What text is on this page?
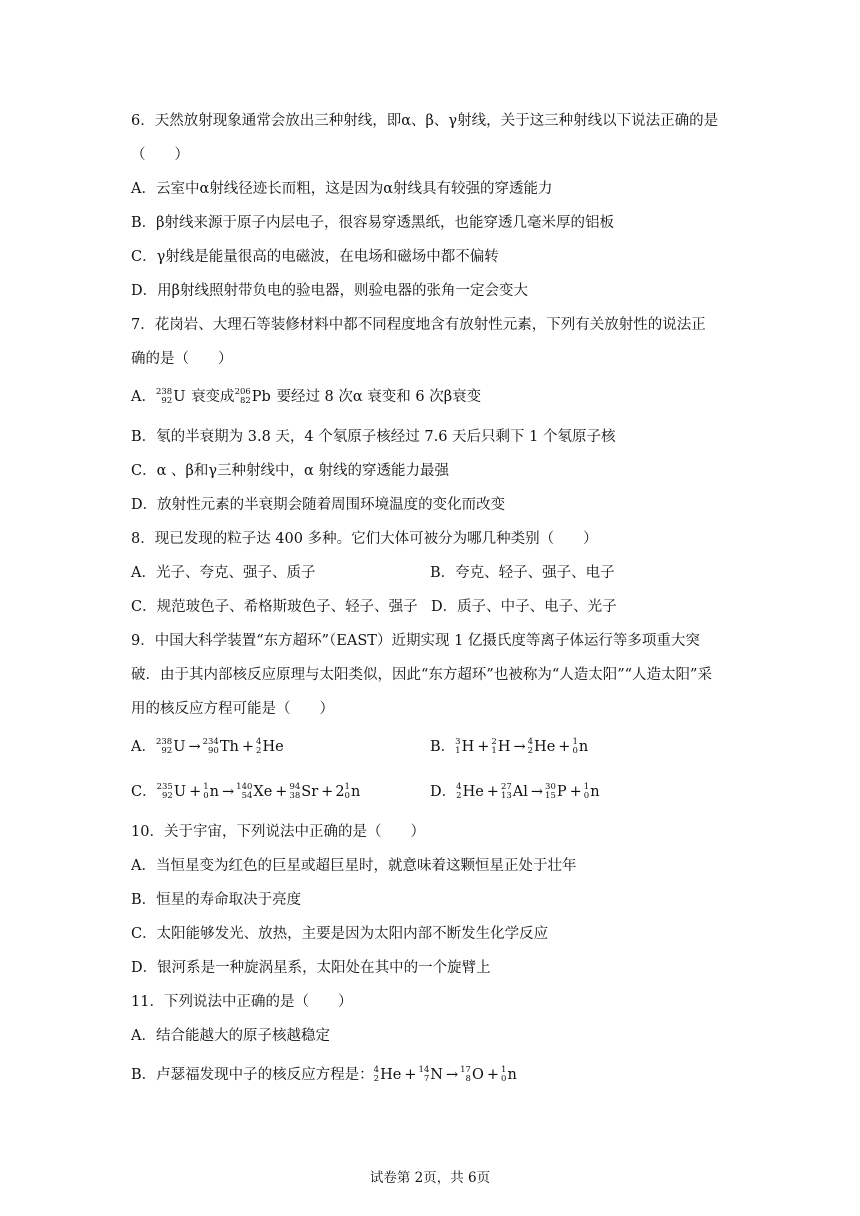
6．天然放射现象通常会放出三种射线，即α、β、γ射线，关于这三种射线以下说法正确的是
（　　）
A．云室中α射线径迹长而粗，这是因为α射线具有较强的穿透能力
B．β射线来源于原子内层电子，很容易穿透黑纸，也能穿透几毫米厚的铝板
C．γ射线是能量很高的电磁波，在电场和磁场中都不偏转
D．用β射线照射带负电的验电器，则验电器的张角一定会变大
7．花岗岩、大理石等装修材料中都不同程度地含有放射性元素，下列有关放射性的说法正
确的是（　　）
A． 238
92 U 衰变成 206
82 Pb 要经过 8 次α 衰变和 6 次β衰变
B．氡的半衰期为 3.8 天，4 个氡原子核经过 7.6 天后只剩下 1 个氡原子核
C．α 、β和γ三种射线中，α 射线的穿透能力最强
D．放射性元素的半衰期会随着周围环境温度的变化而改变
8．现已发现的粒子达 400 多种。它们大体可被分为哪几种类别（　　）
A．光子、夸克、强子、质子	B．夸克、轻子、强子、电子
C．规范玻色子、希格斯玻色子、轻子、强子 D．质子、中子、电子、光子
9．中国大科学装置“东方超环”（EAST）近期实现 1 亿摄氏度等离子体运行等多项重大突
破．由于其内部核反应原理与太阳类似，因此“东方超环”也被称为“人造太阳”“人造太阳”采
用的核反应方程可能是（　　）
A． 238
92 U → 234
90 Th + 4
2 He	B． 3
1 H + 2
1 H → 4
2 He + 1
0 n
C． 235
92 U + 1
0 n → 140
54 Xe + 94
38 Sr + 2 1
0 n	D． 4
2 He + 27
13 Al → 30
15 P + 1
0 n
10．关于宇宙，下列说法中正确的是（　　）
A．当恒星变为红色的巨星或超巨星时，就意味着这颗恒星正处于壮年
B．恒星的寿命取决于亮度
C．太阳能够发光、放热，主要是因为太阳内部不断发生化学反应
D．银河系是一种旋涡星系，太阳处在其中的一个旋臂上
11．下列说法中正确的是（　　）
A．结合能越大的原子核越稳定
B．卢瑟福发现中子的核反应方程是： 4
2 He + 14
7 N → 17
8 O + 1
0 n
试卷第 2页，共 6页
